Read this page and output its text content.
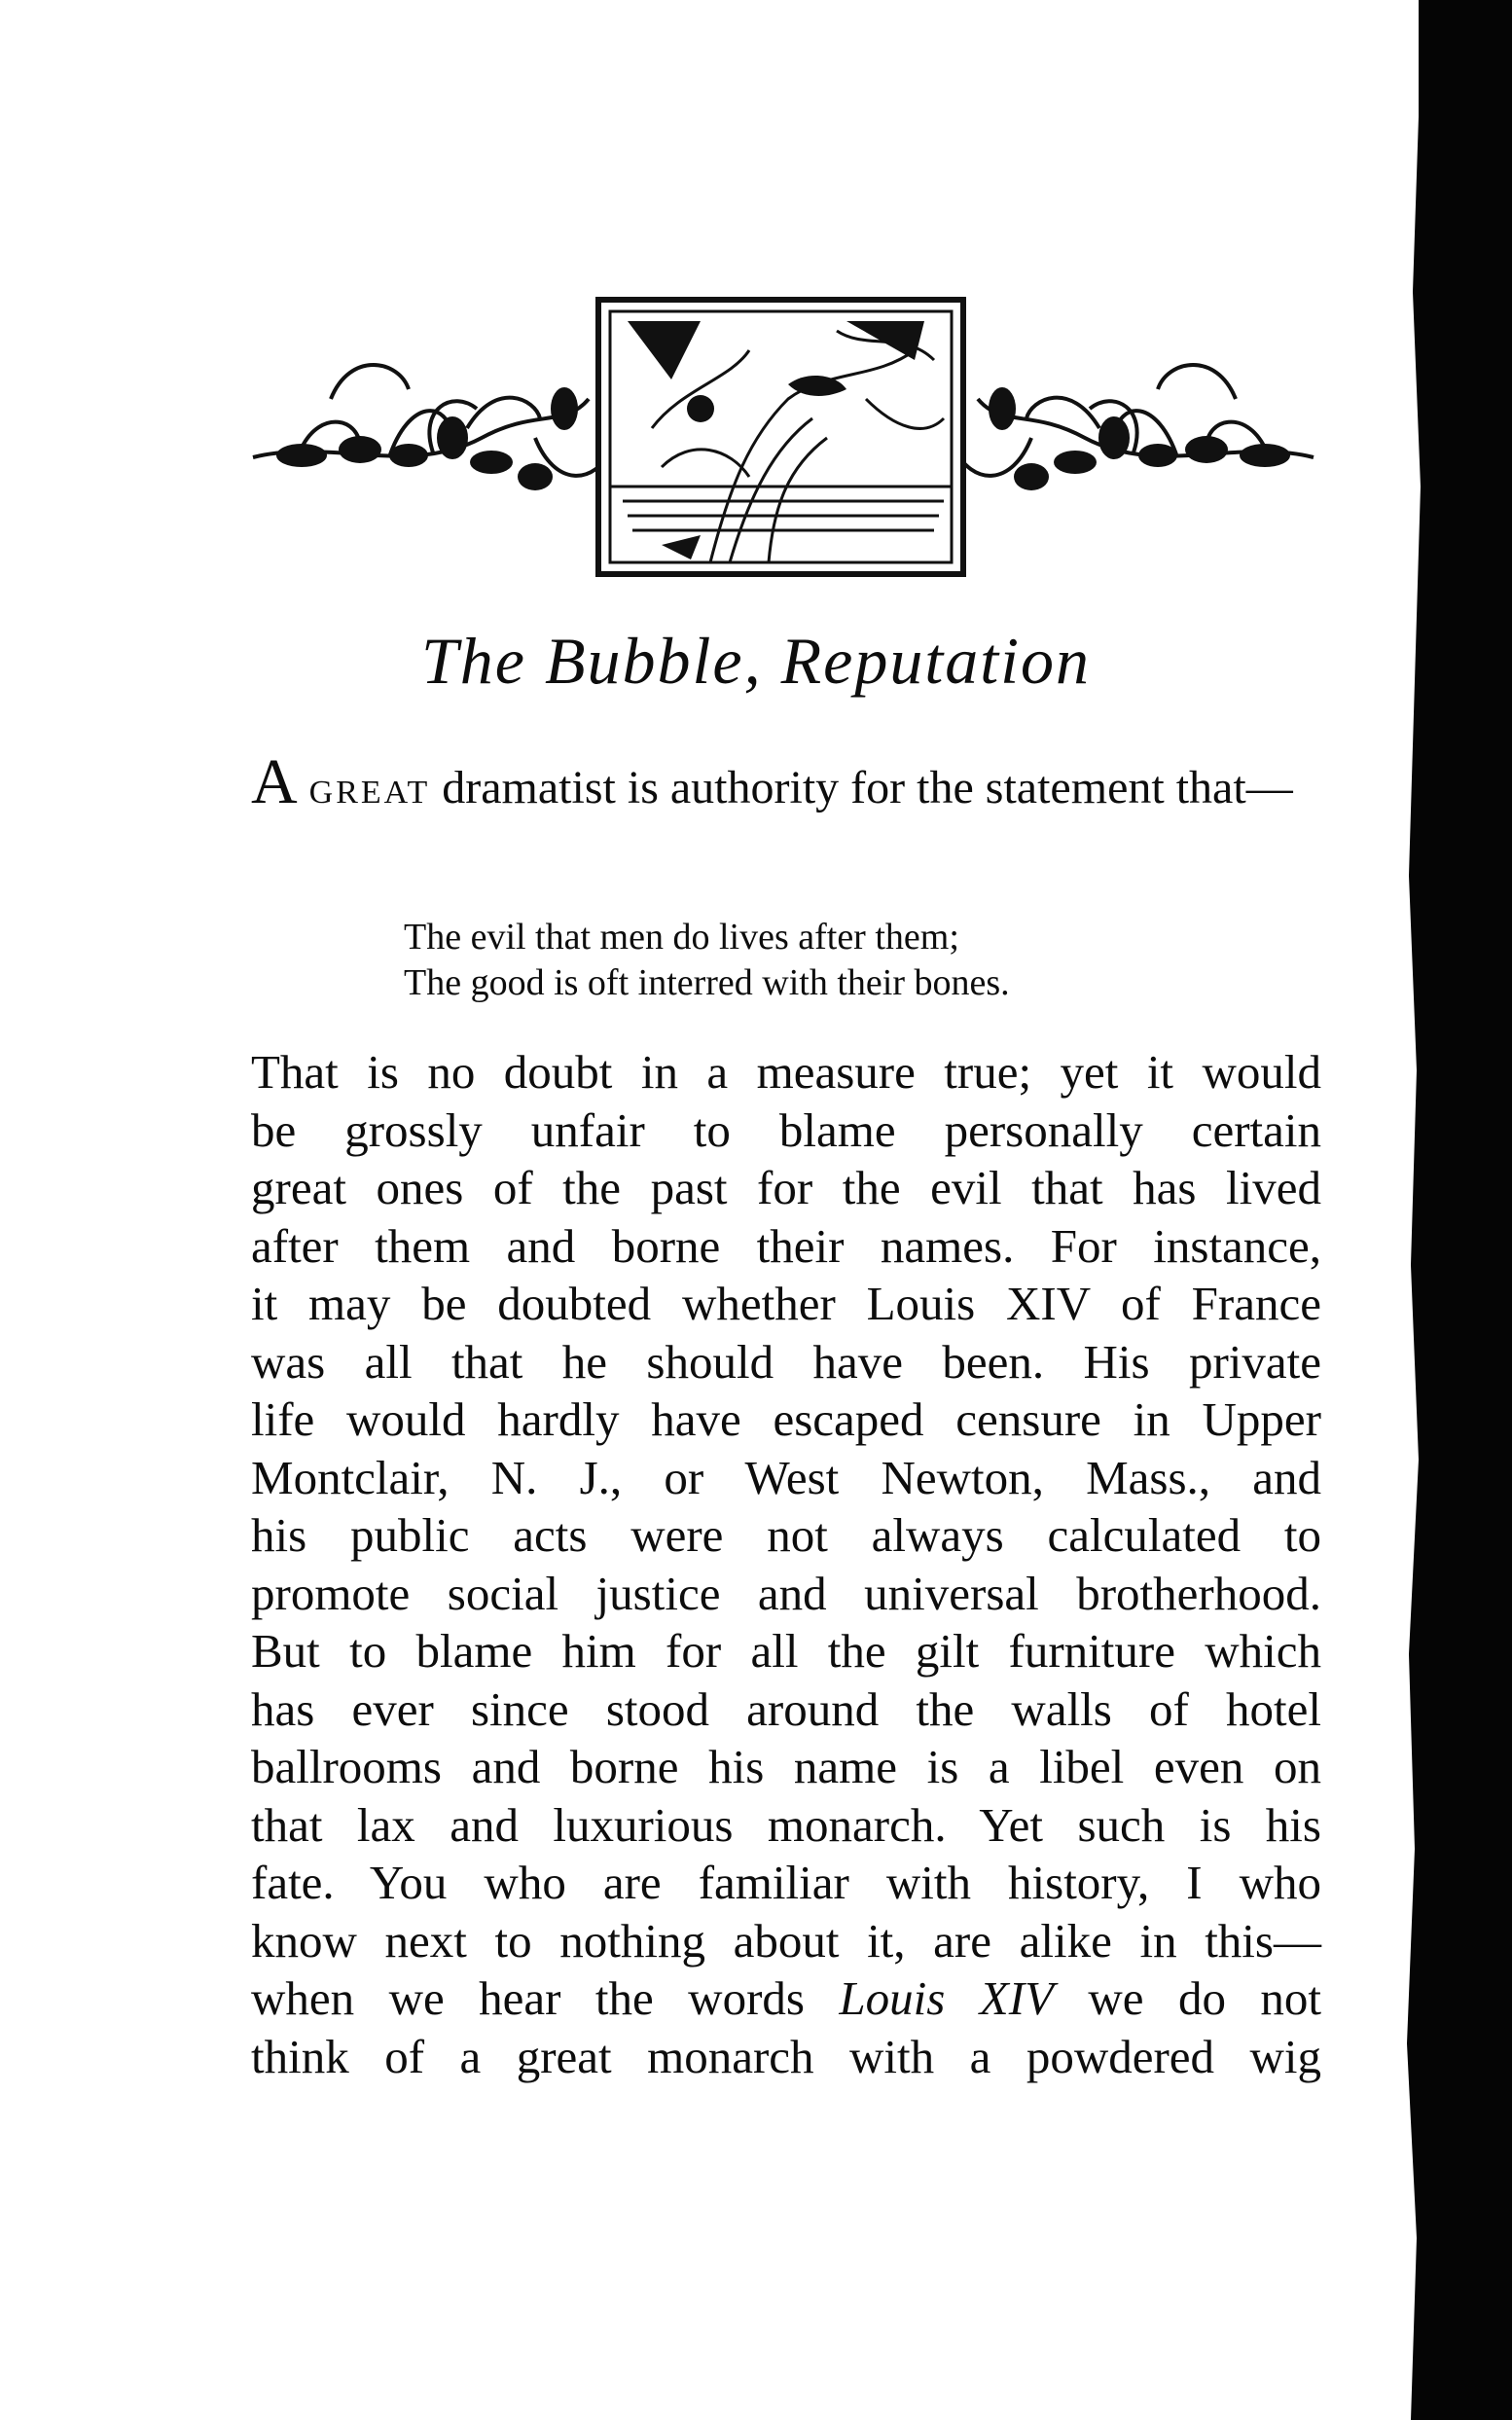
The Bubble, Reputation
A great dramatist is authority for the statement that—
The evil that men do lives after them;
The good is oft interred with their bones.
That is no doubt in a measure true; yet it would
be grossly unfair to blame personally certain
great ones of the past for the evil that has lived
after them and borne their names. For instance,
it may be doubted whether Louis XIV of France
was all that he should have been. His private
life would hardly have escaped censure in Upper
Montclair, N. J., or West Newton, Mass., and
his public acts were not always calculated to
promote social justice and universal brotherhood.
But to blame him for all the gilt furniture which
has ever since stood around the walls of hotel
ballrooms and borne his name is a libel even on
that lax and luxurious monarch. Yet such is his
fate. You who are familiar with history, I who
know next to nothing about it, are alike in this—
when we hear the words Louis XIV we do not
think of a great monarch with a powdered wig
